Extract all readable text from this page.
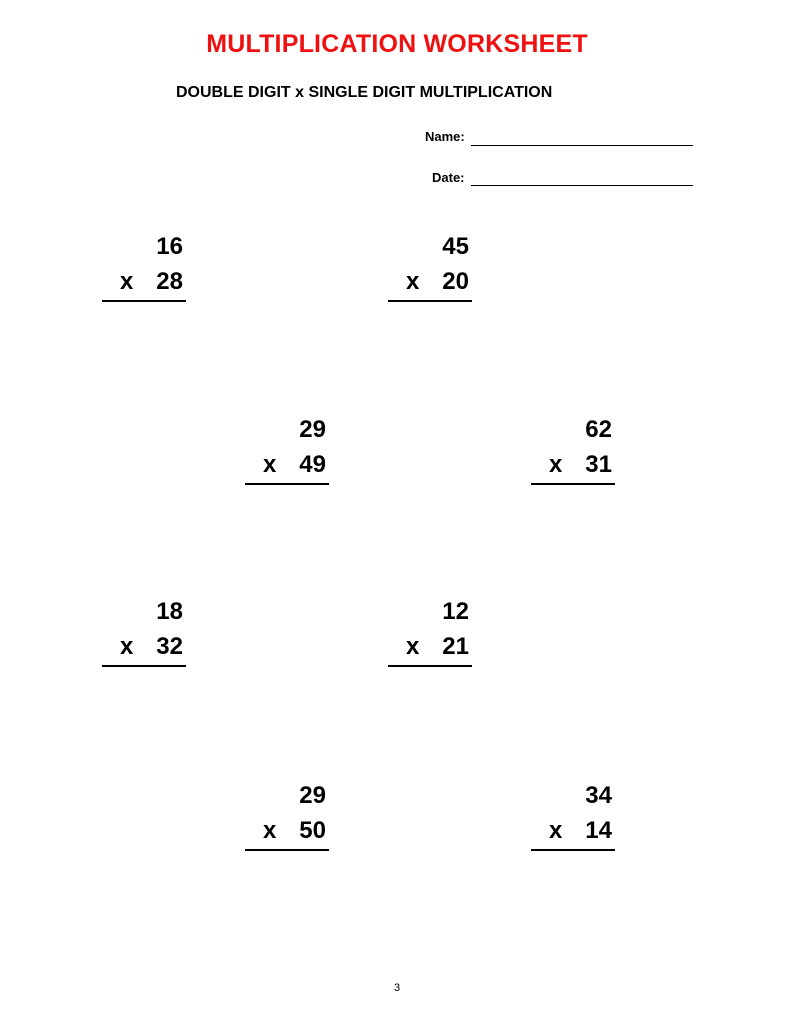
MULTIPLICATION WORKSHEET
DOUBLE DIGIT x SINGLE DIGIT MULTIPLICATION
Name:
Date:
16
x 28
45
x 20
29
x 49
62
x 31
18
x 32
12
x 21
29
x 50
34
x 14
3
